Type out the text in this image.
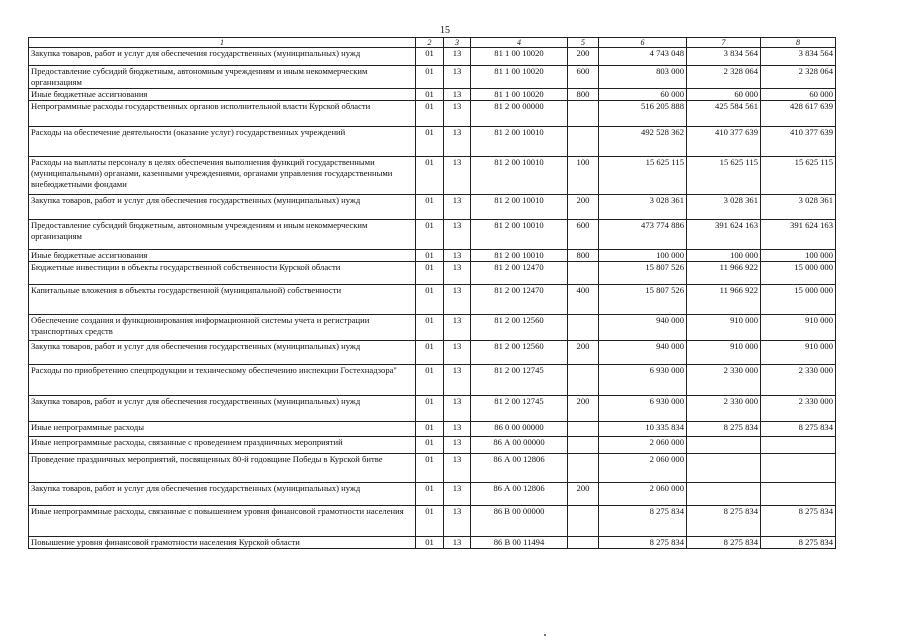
15
1	2	3	4	5	6	7	8
Закупка товаров, работ и услуг для обеспечения государственных (муниципальных) нужд	01	13	81 1 00 10020	200	4 743 048	3 834 564	3 834 564
Предоставление субсидий бюджетным, автономным учреждениям и иным некоммерческим организациям	01	13	81 1 00 10020	600	803 000	2 328 064	2 328 064
Иные бюджетные ассигнования	01	13	81 1 00 10020	800	60 000	60 000	60 000
Непрограммные расходы государственных органов исполнительной власти Курской области	01	13	81 2 00 00000		516 205 888	425 584 561	428 617 639
Расходы на обеспечение деятельности (оказание услуг) государственных учреждений	01	13	81 2 00 10010		492 528 362	410 377 639	410 377 639
Расходы на выплаты персоналу в целях обеспечения выполнения функций государственными (муниципальными) органами, казенными учреждениями, органами управления государственными внебюджетными фондами	01	13	81 2 00 10010	100	15 625 115	15 625 115	15 625 115
Закупка товаров, работ и услуг для обеспечения государственных (муниципальных) нужд	01	13	81 2 00 10010	200	3 028 361	3 028 361	3 028 361
Предоставление субсидий бюджетным, автономным учреждениям и иным некоммерческим организациям	01	13	81 2 00 10010	600	473 774 886	391 624 163	391 624 163
Иные бюджетные ассигнования	01	13	81 2 00 10010	800	100 000	100 000	100 000
Бюджетные инвестиции в объекты государственной собственности Курской области	01	13	81 2 00 12470		15 807 526	11 966 922	15 000 000
Капитальные вложения в объекты государственной (муниципальной) собственности	01	13	81 2 00 12470	400	15 807 526	11 966 922	15 000 000
Обеспечение создания и функционирования информационной системы учета и регистрации транспортных средств	01	13	81 2 00 12560		940 000	910 000	910 000
Закупка товаров, работ и услуг для обеспечения государственных (муниципальных) нужд	01	13	81 2 00 12560	200	940 000	910 000	910 000
Расходы по приобретению спецпродукции и техническому обеспечению инспекции Гостехнадзора"	01	13	81 2 00 12745		6 930 000	2 330 000	2 330 000
Закупка товаров, работ и услуг для обеспечения государственных (муниципальных) нужд	01	13	81 2 00 12745	200	6 930 000	2 330 000	2 330 000
Иные непрограммные расходы	01	13	86 0 00 00000		10 335 834	8 275 834	8 275 834
Иные непрограммные расходы, связанные с проведением праздничных мероприятий	01	13	86 А 00 00000		2 060 000		
Проведение праздничных мероприятий, посвященных 80-й годовщине Победы в Курской битве	01	13	86 А 00 12806		2 060 000		
Закупка товаров, работ и услуг для обеспечения государственных (муниципальных) нужд	01	13	86 А 00 12806	200	2 060 000		
Иные непрограммные расходы, связанные с повышением уровня финансовой грамотности населения	01	13	86 В 00 00000		8 275 834	8 275 834	8 275 834
Повышение уровня финансовой грамотности населения Курской области	01	13	86 В 00 11494		8 275 834	8 275 834	8 275 834
